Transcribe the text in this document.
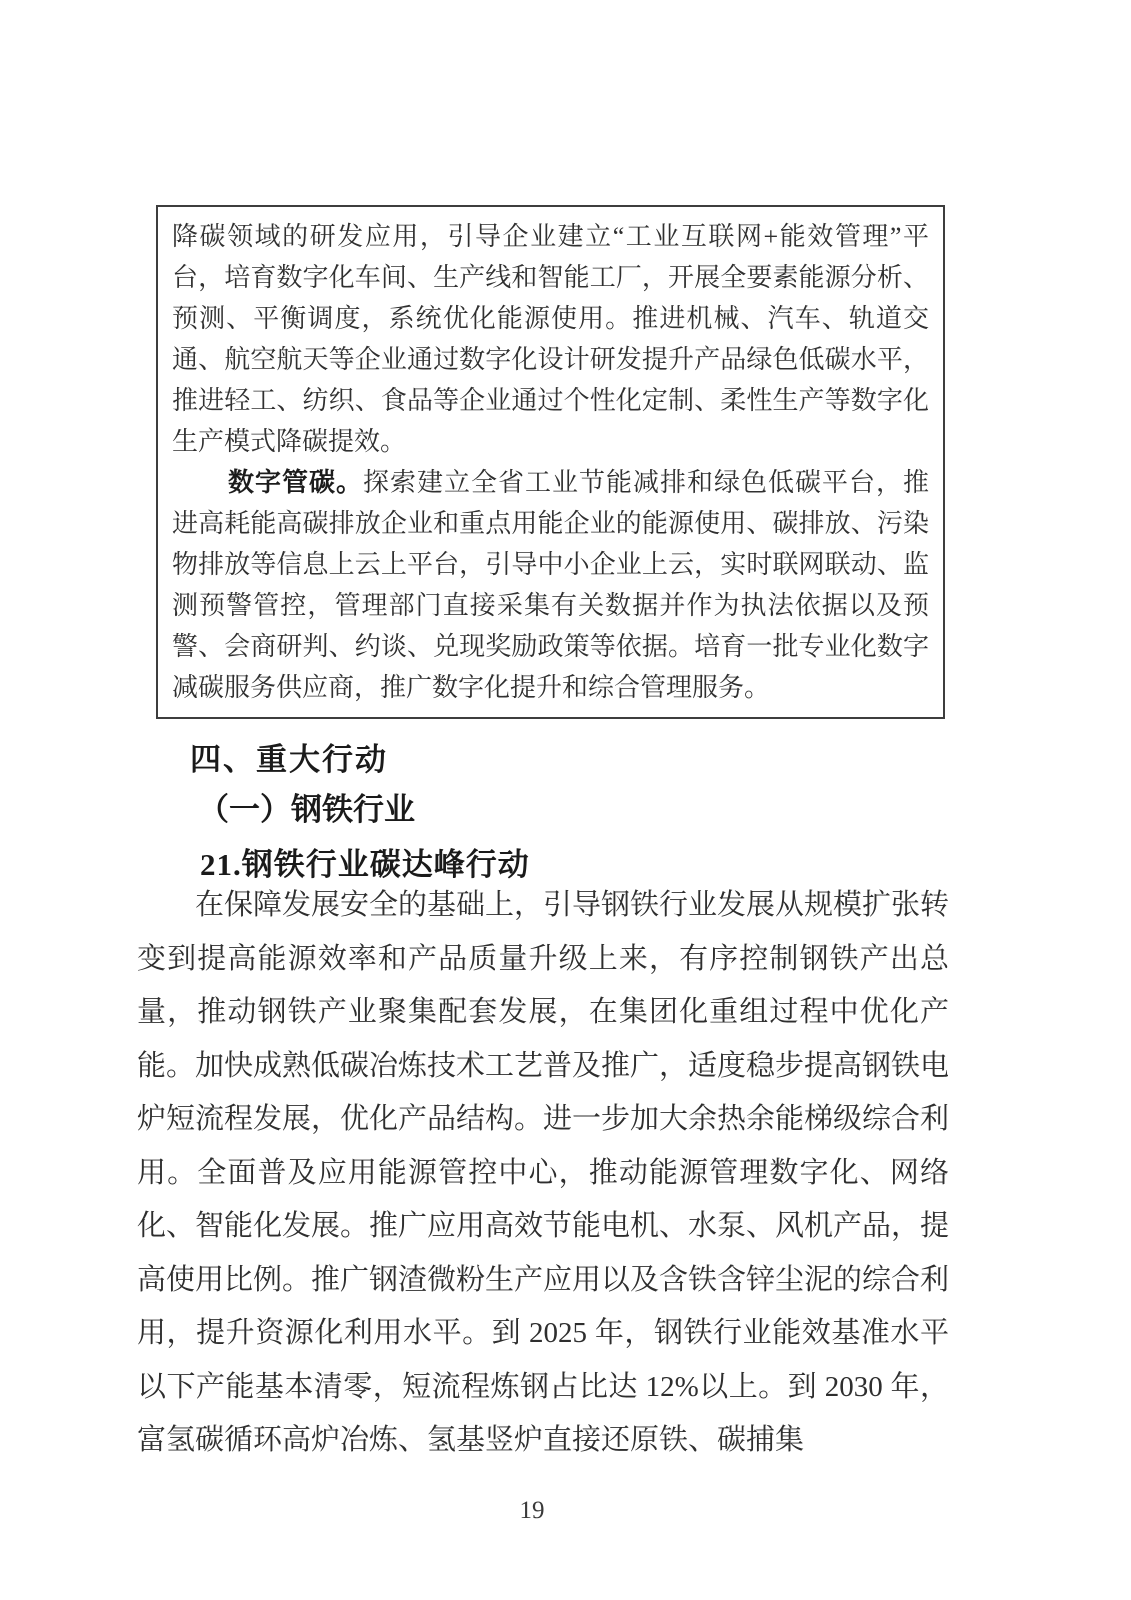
降碳领域的研发应用，引导企业建立“工业互联网+能效管理”平台，培育数字化车间、生产线和智能工厂，开展全要素能源分析、预测、平衡调度，系统优化能源使用。推进机械、汽车、轨道交通、航空航天等企业通过数字化设计研发提升产品绿色低碳水平，推进轻工、纺织、食品等企业通过个性化定制、柔性生产等数字化生产模式降碳提效。

数字管碳。探索建立全省工业节能减排和绿色低碳平台，推进高耗能高碳排放企业和重点用能企业的能源使用、碳排放、污染物排放等信息上云上平台，引导中小企业上云，实时联网联动、监测预警管控，管理部门直接采集有关数据并作为执法依据以及预警、会商研判、约谈、兑现奖励政策等依据。培育一批专业化数字减碳服务供应商，推广数字化提升和综合管理服务。

四、重大行动
（一）钢铁行业
21.钢铁行业碳达峰行动

在保障发展安全的基础上，引导钢铁行业发展从规模扩张转变到提高能源效率和产品质量升级上来，有序控制钢铁产出总量，推动钢铁产业聚集配套发展，在集团化重组过程中优化产能。加快成熟低碳冶炼技术工艺普及推广，适度稳步提高钢铁电炉短流程发展，优化产品结构。进一步加大余热余能梯级综合利用。全面普及应用能源管控中心，推动能源管理数字化、网络化、智能化发展。推广应用高效节能电机、水泵、风机产品，提高使用比例。推广钢渣微粉生产应用以及含铁含锌尘泥的综合利用，提升资源化利用水平。到 2025 年，钢铁行业能效基准水平以下产能基本清零，短流程炼钢占比达 12%以上。到 2030 年，富氢碳循环高炉冶炼、氢基竖炉直接还原铁、碳捕集

19
